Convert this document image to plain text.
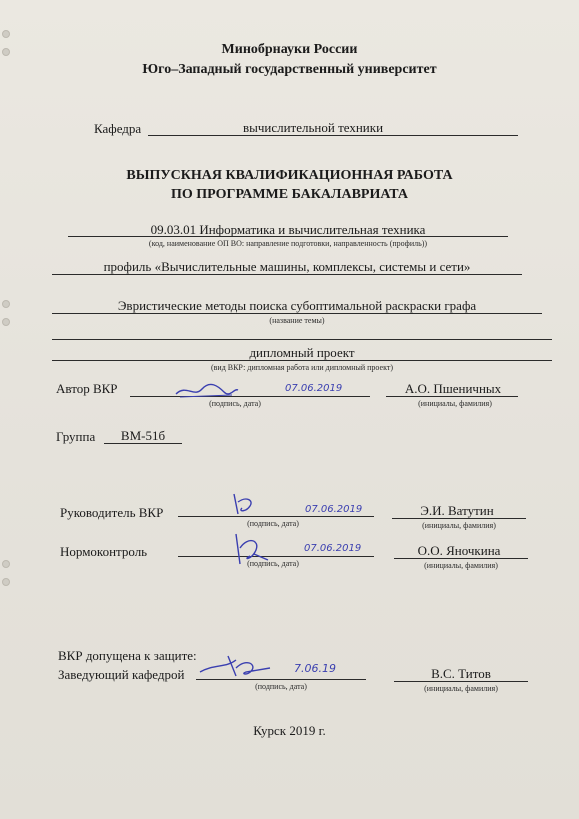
Минобрнауки России
Юго–Западный государственный университет
Кафедра	вычислительной техники
ВЫПУСКНАЯ КВАЛИФИКАЦИОННАЯ РАБОТА
ПО ПРОГРАММЕ БАКАЛАВРИАТА
09.03.01 Информатика и вычислительная техника
(код, наименование ОП ВО: направление подготовки, направленность (профиль))
профиль «Вычислительные машины, комплексы, системы и сети»
Эвристические методы поиска субоптимальной раскраски графа
(название темы)
дипломный проект
(вид ВКР: дипломная работа или дипломный проект)
Автор ВКР	07.06.2019
(подпись, дата)
А.О. Пшеничных
(инициалы, фамилия)
Группа	ВМ-51б
Руководитель ВКР	07.06.2019
(подпись, дата)
Э.И. Ватутин
(инициалы, фамилия)
Нормоконтроль	07.06.2019
(подпись, дата)
О.О. Яночкина
(инициалы, фамилия)
ВКР допущена к защите:
Заведующий кафедрой	7.06.19
(подпись, дата)
В.С. Титов
(инициалы, фамилия)
Курск 2019 г.
